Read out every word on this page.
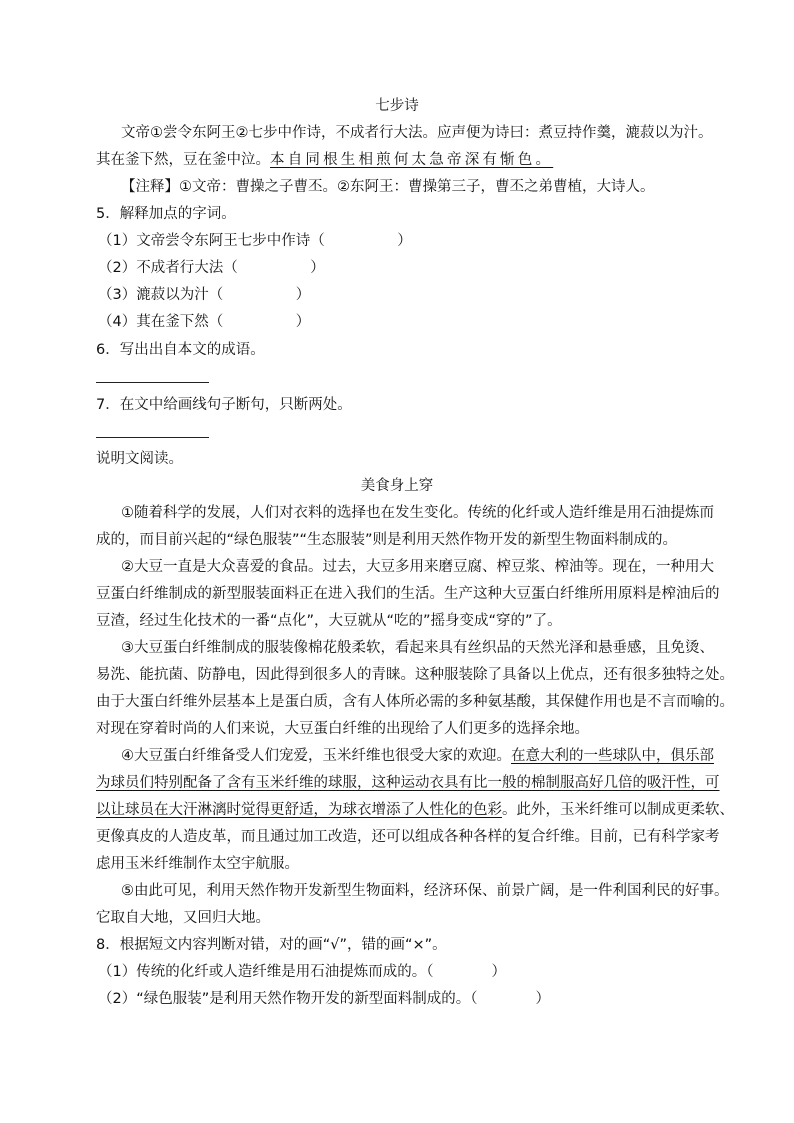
七步诗
文帝①尝令东阿王②七步中作诗，不成者行大法。应声便为诗曰：煮豆持作羹，漉菽以为汁。
其在釜下然，豆在釜中泣。本自同根生相煎何太急帝深有惭色。
【注释】①文帝：曹操之子曹丕。②东阿王：曹操第三子，曹丕之弟曹植，大诗人。
5．解释加点的字词。
（1）文帝尝令东阿王七步中作诗（　　　　　）
（2）不成者行大法（　　　　　）
（3）漉菽以为汁（　　　　　）
（4）萁在釜下然（　　　　　）
6．写出出自本文的成语。
7．在文中给画线句子断句，只断两处。
说明文阅读。
美食身上穿
①随着科学的发展，人们对衣料的选择也在发生变化。传统的化纤或人造纤维是用石油提炼而
成的，而目前兴起的“绿色服装”“生态服装”则是利用天然作物开发的新型生物面料制成的。
②大豆一直是大众喜爱的食品。过去，大豆多用来磨豆腐、榨豆浆、榨油等。现在，一种用大
豆蛋白纤维制成的新型服装面料正在进入我们的生活。生产这种大豆蛋白纤维所用原料是榨油后的
豆渣，经过生化技术的一番“点化”，大豆就从“吃的”摇身变成“穿的”了。
③大豆蛋白纤维制成的服装像棉花般柔软，看起来具有丝织品的天然光泽和悬垂感，且免烫、
易洗、能抗菌、防静电，因此得到很多人的青睐。这种服装除了具备以上优点，还有很多独特之处。
由于大蛋白纤维外层基本上是蛋白质，含有人体所必需的多种氨基酸，其保健作用也是不言而喻的。
对现在穿着时尚的人们来说，大豆蛋白纤维的出现给了人们更多的选择余地。
④大豆蛋白纤维备受人们宠爱，玉米纤维也很受大家的欢迎。在意大利的一些球队中，俱乐部
为球员们特别配备了含有玉米纤维的球服，这种运动衣具有比一般的棉制服高好几倍的吸汗性，可
以让球员在大汗淋漓时觉得更舒适，为球衣增添了人性化的色彩。此外，玉米纤维可以制成更柔软、
更像真皮的人造皮革，而且通过加工改造，还可以组成各种各样的复合纤维。目前，已有科学家考
虑用玉米纤维制作太空宇航服。
⑤由此可见，利用天然作物开发新型生物面料，经济环保、前景广阔，是一件利国利民的好事。
它取自大地，又回归大地。
8．根据短文内容判断对错，对的画“√”，错的画“×”。
（1）传统的化纤或人造纤维是用石油提炼而成的。（　　　　）
（2）“绿色服装”是利用天然作物开发的新型面料制成的。（　　　　）
